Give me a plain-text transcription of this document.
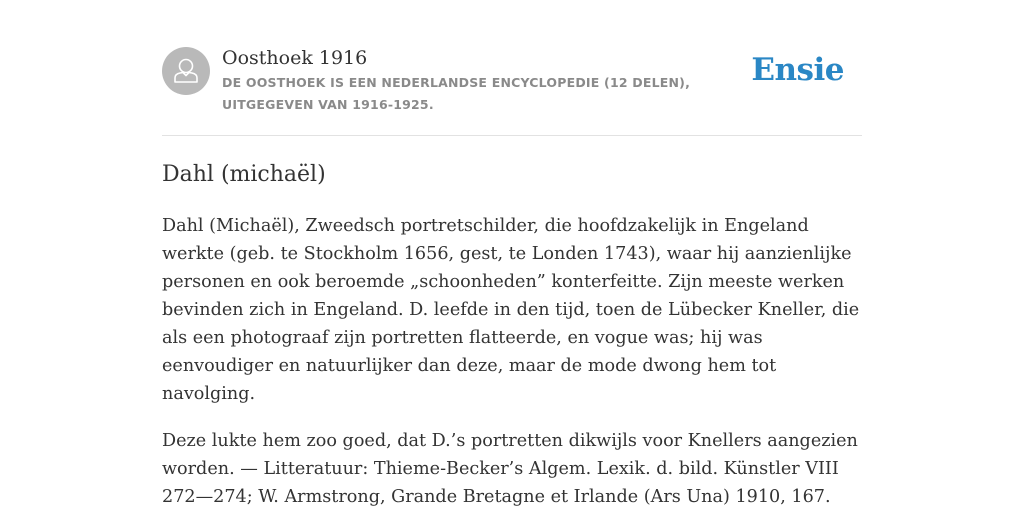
Oosthoek 1916
DE OOSTHOEK IS EEN NEDERLANDSE ENCYCLOPEDIE (12 DELEN), UITGEGEVEN VAN 1916-1925.
Ensie
Dahl (michaël)

Dahl (Michaël), Zweedsch portretschilder, die hoofdzakelijk in Engeland werkte (geb. te Stockholm 1656, gest, te Londen 1743), waar hij aanzienlijke personen en ook beroemde „schoonheden” konterfeitte. Zijn meeste werken bevinden zich in Engeland. D. leefde in den tijd, toen de Lübecker Kneller, die als een photograaf zijn portretten flatteerde, en vogue was; hij was eenvoudiger en natuurlijker dan deze, maar de mode dwong hem tot navolging.

Deze lukte hem zoo goed, dat D.’s portretten dikwijls voor Knellers aangezien worden. — Litteratuur: Thieme-Becker’s Algem. Lexik. d. bild. Künstler VIII 272—274; W. Armstrong, Grande Bretagne et Irlande (Ars Una) 1910, 167.
